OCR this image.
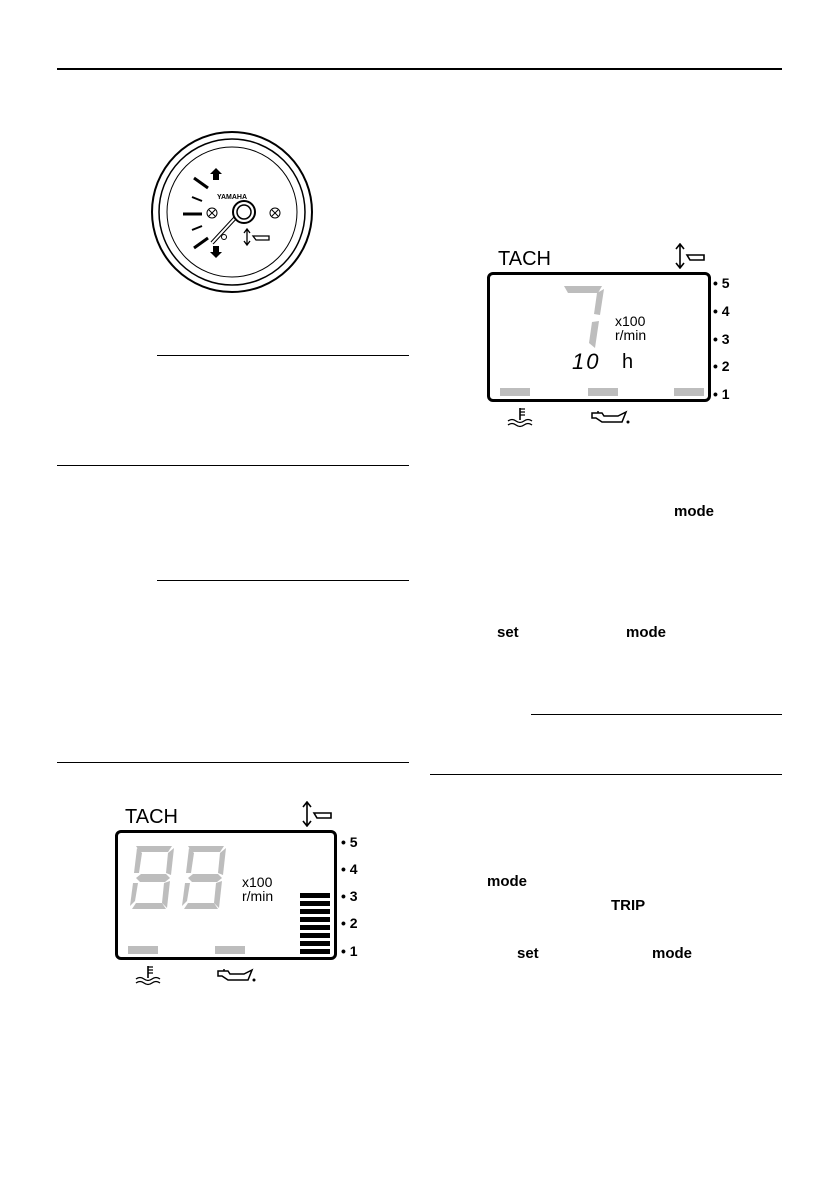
YAMAHA
mode
set	mode
mode
TRIP
set	mode
TACH
x100
r/min
10 h
• 5
• 4
• 3
• 2
• 1
TACH
x100
r/min
• 5
• 4
• 3
• 2
• 1
